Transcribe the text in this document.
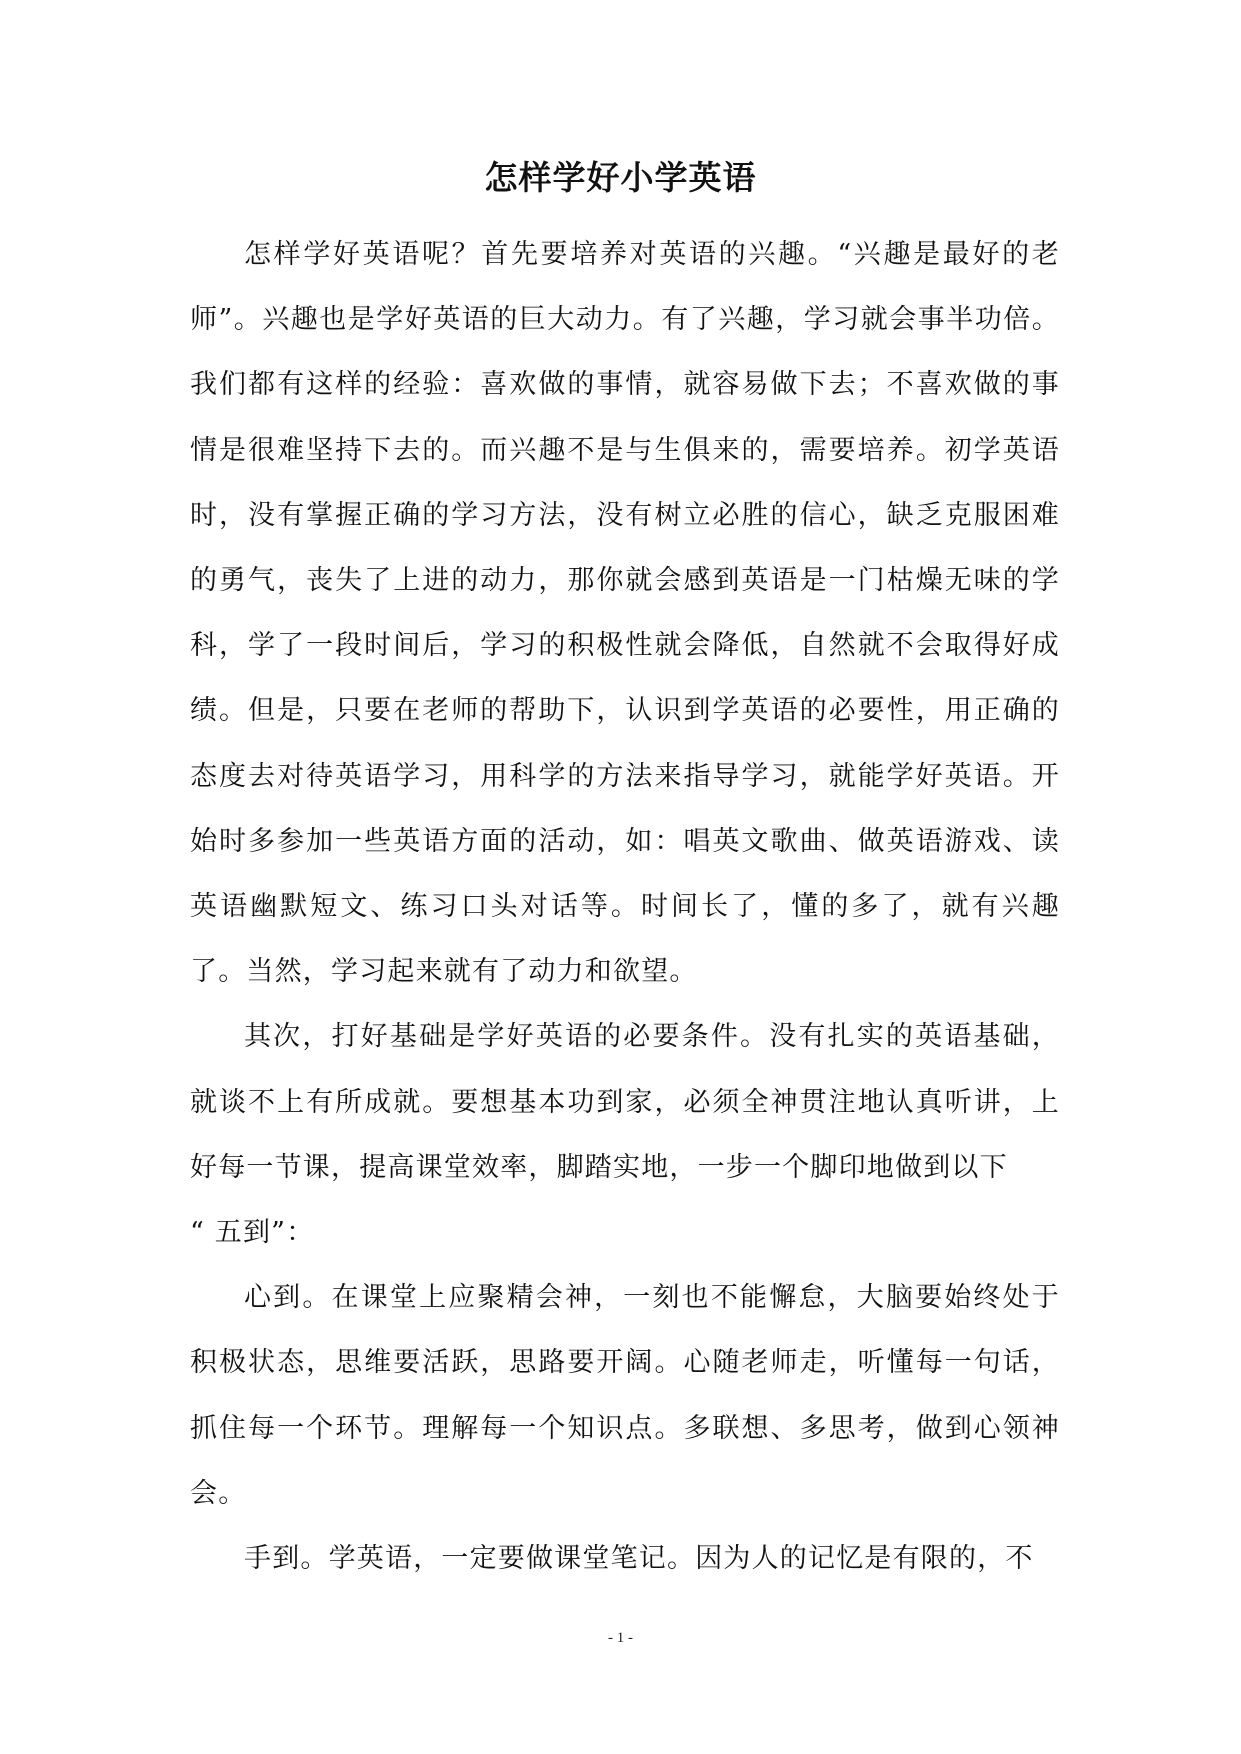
怎样学好小学英语

怎样学好英语呢？首先要培养对英语的兴趣。“兴趣是最好的老师”。兴趣也是学好英语的巨大动力。有了兴趣，学习就会事半功倍。我们都有这样的经验：喜欢做的事情，就容易做下去；不喜欢做的事情是很难坚持下去的。而兴趣不是与生俱来的，需要培养。初学英语时，没有掌握正确的学习方法，没有树立必胜的信心，缺乏克服困难的勇气，丧失了上进的动力，那你就会感到英语是一门枯燥无味的学科，学了一段时间后，学习的积极性就会降低，自然就不会取得好成绩。但是，只要在老师的帮助下，认识到学英语的必要性，用正确的态度去对待英语学习，用科学的方法来指导学习，就能学好英语。开始时多参加一些英语方面的活动，如：唱英文歌曲、做英语游戏、读英语幽默短文、练习口头对话等。时间长了，懂的多了，就有兴趣了。当然，学习起来就有了动力和欲望。

其次，打好基础是学好英语的必要条件。没有扎实的英语基础，就谈不上有所成就。要想基本功到家，必须全神贯注地认真听讲，上好每一节课，提高课堂效率，脚踏实地，一步一个脚印地做到以下

“ 五到”：

心到。在课堂上应聚精会神，一刻也不能懈怠，大脑要始终处于积极状态，思维要活跃，思路要开阔。心随老师走，听懂每一句话，抓住每一个环节。理解每一个知识点。多联想、多思考，做到心领神会。

手到。学英语，一定要做课堂笔记。因为人的记忆是有限的，不

- 1 -
